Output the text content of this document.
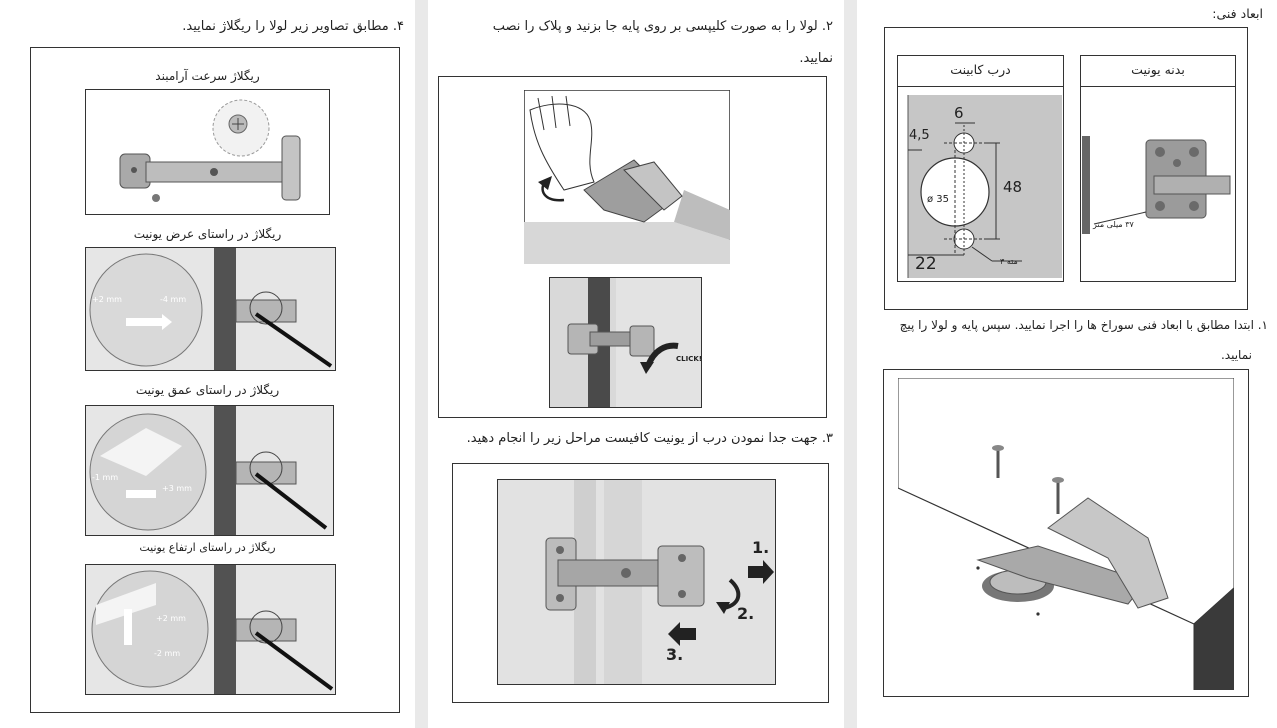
ابعاد فنی:
درب کابینت	بدنه یونیت
6
4,5
48
ø 35
22	مته ۳
۳۷ میلی متر
۱. ابتدا مطابق با ابعاد فنی سوراخ ها را اجرا نمایید. سپس پایه و لولا را پیچ
نمایید.
۲. لولا را به صورت کلیپسی بر روی پایه جا بزنید و پلاک را نصب
نمایید.
CLICK!
۳. جهت جدا نمودن درب از یونیت کافیست مراحل زیر را انجام دهید.
1.
2.
3.
۴. مطابق تصاویر زیر لولا را ریگلاژ نمایید.
ریگلاژ سرعت آرامبند
ریگلاژ در راستای عرض یونیت
+2 mm	-4 mm
ریگلاژ در راستای عمق یونیت
-1 mm
+3 mm
ریگلاژ در راستای ارتفاع یونیت
+2 mm
-2 mm
